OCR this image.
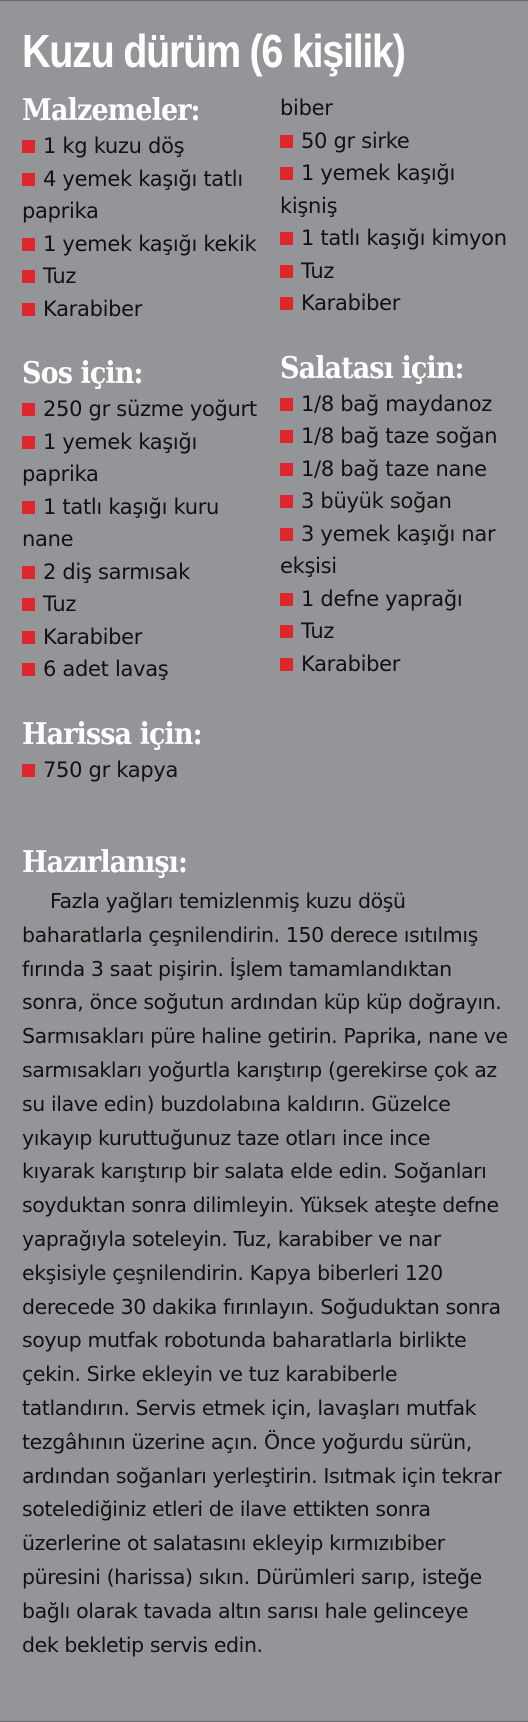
Kuzu dürüm (6 kişilik)
Malzemeler:
1 kg kuzu döş
4 yemek kaşığı tatlı paprika
1 yemek kaşığı kekik
Tuz
Karabiber
Sos için:
250 gr süzme yoğurt
1 yemek kaşığı paprika
1 tatlı kaşığı kuru nane
2 diş sarmısak
Tuz
Karabiber
6 adet lavaş
Harissa için:
750 gr kapya
biber
50 gr sirke
1 yemek kaşığı kişniş
1 tatlı kaşığı kimyon
Tuz
Karabiber
Salatası için:
1/8 bağ maydanoz
1/8 bağ taze soğan
1/8 bağ taze nane
3 büyük soğan
3 yemek kaşığı nar ekşisi
1 defne yaprağı
Tuz
Karabiber
Hazırlanışı:

Fazla yağları temizlenmiş kuzu döşü baharatlarla çeşnilendirin. 150 derece ısıtılmış fırında 3 saat pişirin. İşlem tamamlandıktan sonra, önce soğutun ardından küp küp doğrayın. Sarmısakları püre haline getirin. Paprika, nane ve sarmısakları yoğurtla karıştırıp (gerekirse çok az su ilave edin) buzdolabına kaldırın. Güzelce yıkayıp kuruttuğunuz taze otları ince ince kıyarak karıştırıp bir salata elde edin. Soğanları soyduktan sonra dilimleyin. Yüksek ateşte defne yaprağıyla soteleyin. Tuz, karabiber ve nar ekşisiyle çeşnilendirin. Kapya biberleri 120 derecede 30 dakika fırınlayın. Soğuduktan sonra soyup mutfak robotunda baharatlarla birlikte çekin. Sirke ekleyin ve tuz karabiberle tatlandırın. Servis etmek için, lavaşları mutfak tezgâhının üzerine açın. Önce yoğurdu sürün, ardından soğanları yerleştirin. Isıtmak için tekrar sotelediğiniz etleri de ilave ettikten sonra üzerlerine ot salatasını ekleyip kırmızıbiber püresini (harissa) sıkın. Dürümleri sarıp, isteğe bağlı olarak tavada altın sarısı hale gelinceye dek bekletip servis edin.
